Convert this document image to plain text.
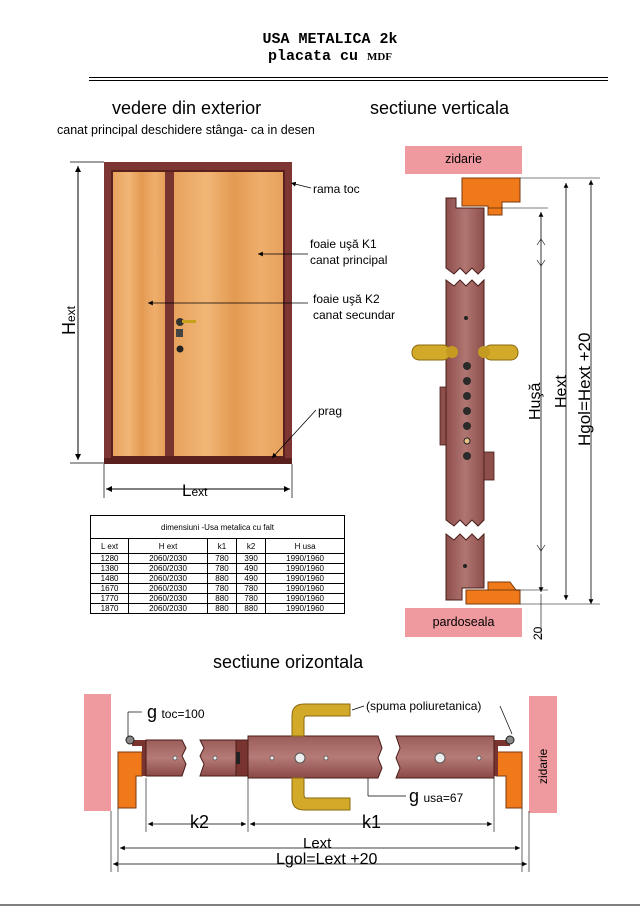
USA METALICA 2k
placata cu MDF
vedere din exterior
canat principal deschidere stânga- ca in desen
sectiune verticala
sectiune orizontala
rama toc
foaie uşă K1
canat principal
foaie uşă K2
canat secundar
prag
Hext
Lext
dimensiuni -Usa metalica cu falt				
L ext	H ext	k1	k2	H usa
1280	2060/2030	780	390	1990/1960
1380	2060/2030	780	490	1990/1960
1480	2060/2030	880	490	1990/1960
1670	2060/2030	780	780	1990/1960
1770	2060/2030	880	780	1990/1960
1870	2060/2030	880	880	1990/1960
zidarie
pardoseala
20
Huşă Hext Hgol=Hext +20
g toc=100
(spuma poliuretanica)
zidarie
g usa=67
k2	k1
Lext
Lgol=Lext +20
